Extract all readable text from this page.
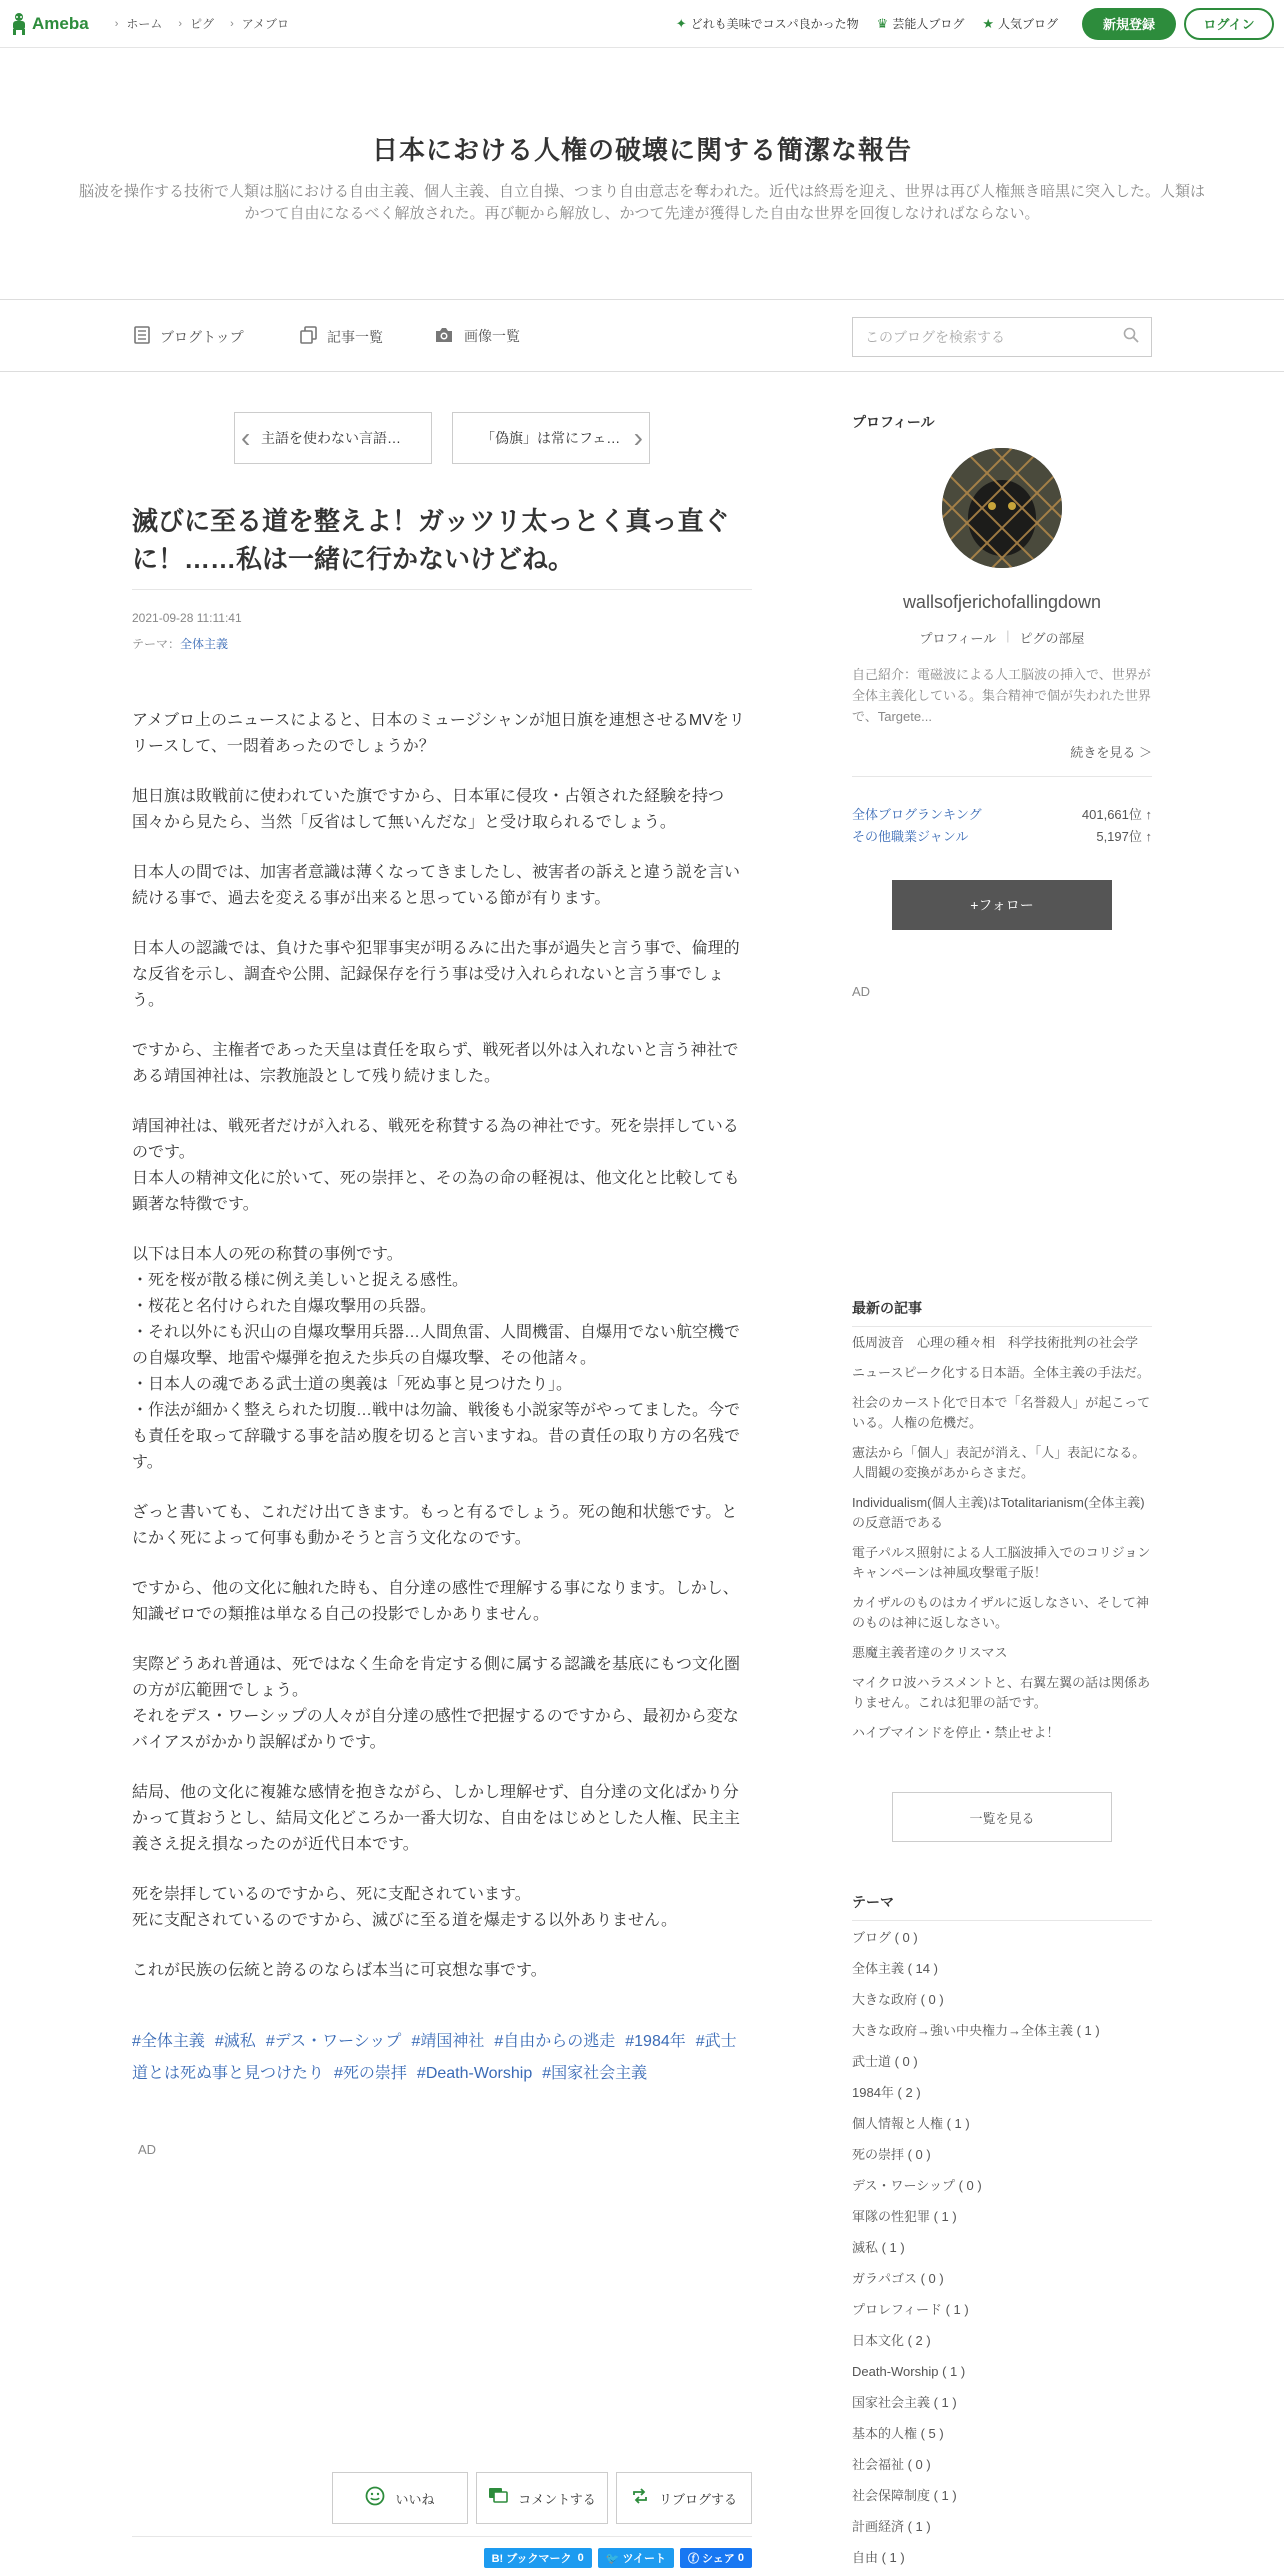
Ameba › ホーム › ピグ › アメブロ	✦ どれも美味でコスパ良かった物 ♛ 芸能人ブログ ★ 人気ブログ	新規登録	ログイン
日本における人権の破壊に関する簡潔な報告

脳波を操作する技術で人類は脳における自由主義、個人主義、自立自操、つまり自由意志を奪われた。近代は終焉を迎え、世界は再び人権無き暗黒に突入した。人類はかつて自由になるべく解放された。再び軛から解放し、かつて先達が獲得した自由な世界を回復しなければならない。

ブログトップ	記事一覧	画像一覧
このブログを検索する
‹ 主語を使わない言語…	「偽旗」は常にフェ… ›
滅びに至る道を整えよ！ガッツリ太っとく真っ直ぐに！……私は一緒に行かないけどね。
2021-09-28 11:11:41
テーマ：全体主義

アメブロ上のニュースによると、日本のミュージシャンが旭日旗を連想させるMVをリリースして、一悶着あったのでしょうか？

旭日旗は敗戦前に使われていた旗ですから、日本軍に侵攻・占領された経験を持つ国々から見たら、当然「反省はして無いんだな」と受け取られるでしょう。

日本人の間では、加害者意識は薄くなってきましたし、被害者の訴えと違う説を言い続ける事で、過去を変える事が出来ると思っている節が有ります。

日本人の認識では、負けた事や犯罪事実が明るみに出た事が過失と言う事で、倫理的な反省を示し、調査や公開、記録保存を行う事は受け入れられないと言う事でしょう。

ですから、主権者であった天皇は責任を取らず、戦死者以外は入れないと言う神社である靖国神社は、宗教施設として残り続けました。

靖国神社は、戦死者だけが入れる、戦死を称賛する為の神社です。死を崇拝しているのです。
日本人の精神文化に於いて、死の崇拝と、その為の命の軽視は、他文化と比較しても顕著な特徴です。

以下は日本人の死の称賛の事例です。
・死を桜が散る様に例え美しいと捉える感性。
・桜花と名付けられた自爆攻撃用の兵器。
・それ以外にも沢山の自爆攻撃用兵器…人間魚雷、人間機雷、自爆用でない航空機での自爆攻撃、地雷や爆弾を抱えた歩兵の自爆攻撃、その他諸々。
・日本人の魂である武士道の奥義は「死ぬ事と見つけたり」。
・作法が細かく整えられた切腹…戦中は勿論、戦後も小説家等がやってました。今でも責任を取って辞職する事を詰め腹を切ると言いますね。昔の責任の取り方の名残です。

ざっと書いても、これだけ出てきます。もっと有るでしょう。死の飽和状態です。とにかく死によって何事も動かそうと言う文化なのです。

ですから、他の文化に触れた時も、自分達の感性で理解する事になります。しかし、知識ゼロでの類推は単なる自己の投影でしかありません。

実際どうあれ普通は、死ではなく生命を肯定する側に属する認識を基底にもつ文化圏の方が広範囲でしょう。
それをデス・ワーシップの人々が自分達の感性で把握するのですから、最初から変なバイアスがかかり誤解ばかりです。

結局、他の文化に複雑な感情を抱きながら、しかし理解せず、自分達の文化ばかり分かって貰おうとし、結局文化どころか一番大切な、自由をはじめとした人権、民主主義さえ捉え損なったのが近代日本です。

死を崇拝しているのですから、死に支配されています。
死に支配されているのですから、滅びに至る道を爆走する以外ありません。

これが民族の伝統と誇るのならば本当に可哀想な事です。

#全体主義 #滅私 #デス・ワーシップ #靖国神社 #自由からの逃走 #1984年 #武士道とは死ぬ事と見つけたり #死の崇拝 #Death-Worship #国家社会主義
AD
いいね	コメントする	リブログする
B! ブックマーク
0 🐦
ツイート ⓕ
シェア
0
プロフィール
wallsofjerichofallingdown
プロフィール | ピグの部屋
自己紹介：電磁波による人工脳波の挿入で、世界が全体主義化している。集合精神で個が失われた世界で、Targete...
続きを見る ＞
全体ブログランキング	401,661位 ↑
その他職業ジャンル	5,197位 ↑
+フォロー
AD
最新の記事
低周波音　心理の種々相　科学技術批判の社会学
ニュースピーク化する日本語。全体主義の手法だ。
社会のカースト化で日本で「名誉殺人」が起こっている。人権の危機だ。
憲法から「個人」表記が消え、「人」表記になる。人間観の変換があからさまだ。
Individualism(個人主義)はTotalitarianism(全体主義)の反意語である
電子パルス照射による人工脳波挿入でのコリジョンキャンペーンは神風攻撃電子版！
カイザルのものはカイザルに返しなさい、そして神のものは神に返しなさい。
悪魔主義者達のクリスマス
マイクロ波ハラスメントと、右翼左翼の話は関係ありません。これは犯罪の話です。
ハイブマインドを停止・禁止せよ！
一覧を見る
テーマ
ブログ ( 0 )
全体主義 ( 14 )
大きな政府 ( 0 )
大きな政府→強い中央権力→全体主義 ( 1 )
武士道 ( 0 )
1984年 ( 2 )
個人情報と人権 ( 1 )
死の崇拝 ( 0 )
デス・ワーシップ ( 0 )
軍隊の性犯罪 ( 1 )
滅私 ( 1 )
ガラパゴス ( 0 )
プロレフィード ( 1 )
日本文化 ( 2 )
Death-Worship ( 1 )
国家社会主義 ( 1 )
基本的人権 ( 5 )
社会福祉 ( 0 )
社会保障制度 ( 1 )
計画経済 ( 1 )
自由 ( 1 )
